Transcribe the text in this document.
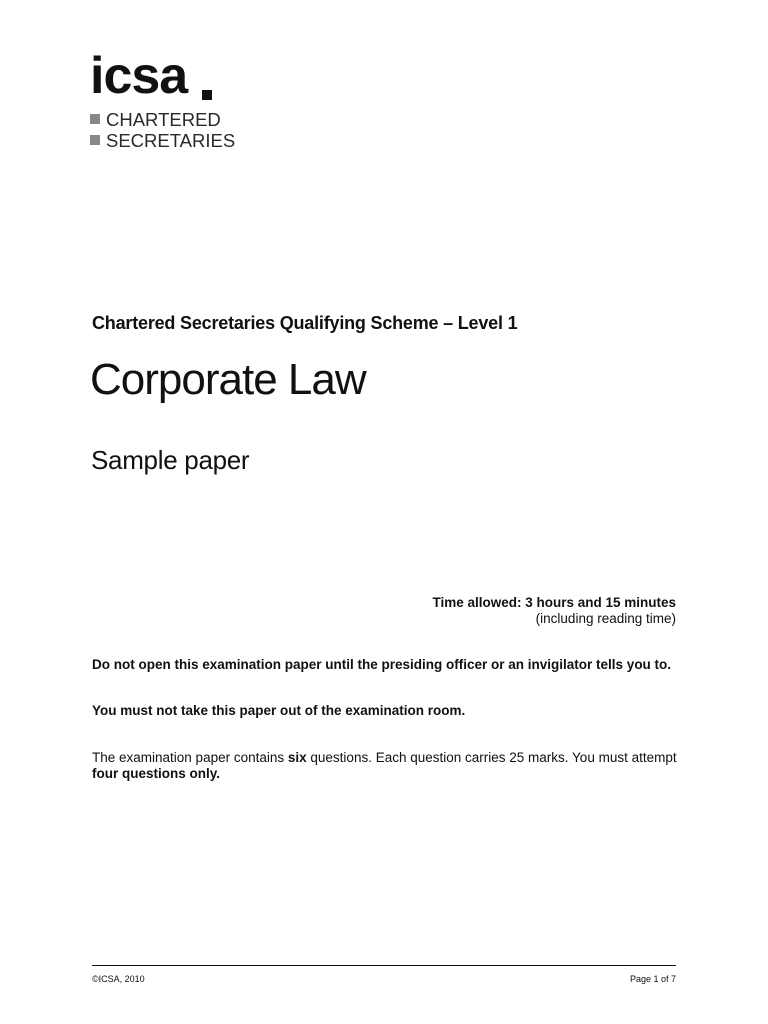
icsa
CHARTERED
SECRETARIES
Chartered Secretaries Qualifying Scheme – Level 1
Corporate Law
Sample paper
Time allowed: 3 hours and 15 minutes
(including reading time)
Do not open this examination paper until the presiding officer or an invigilator tells you to.
You must not take this paper out of the examination room.
The examination paper contains six questions. Each question carries 25 marks. You must attempt four questions only.
©ICSA, 2010	Page 1 of 7
